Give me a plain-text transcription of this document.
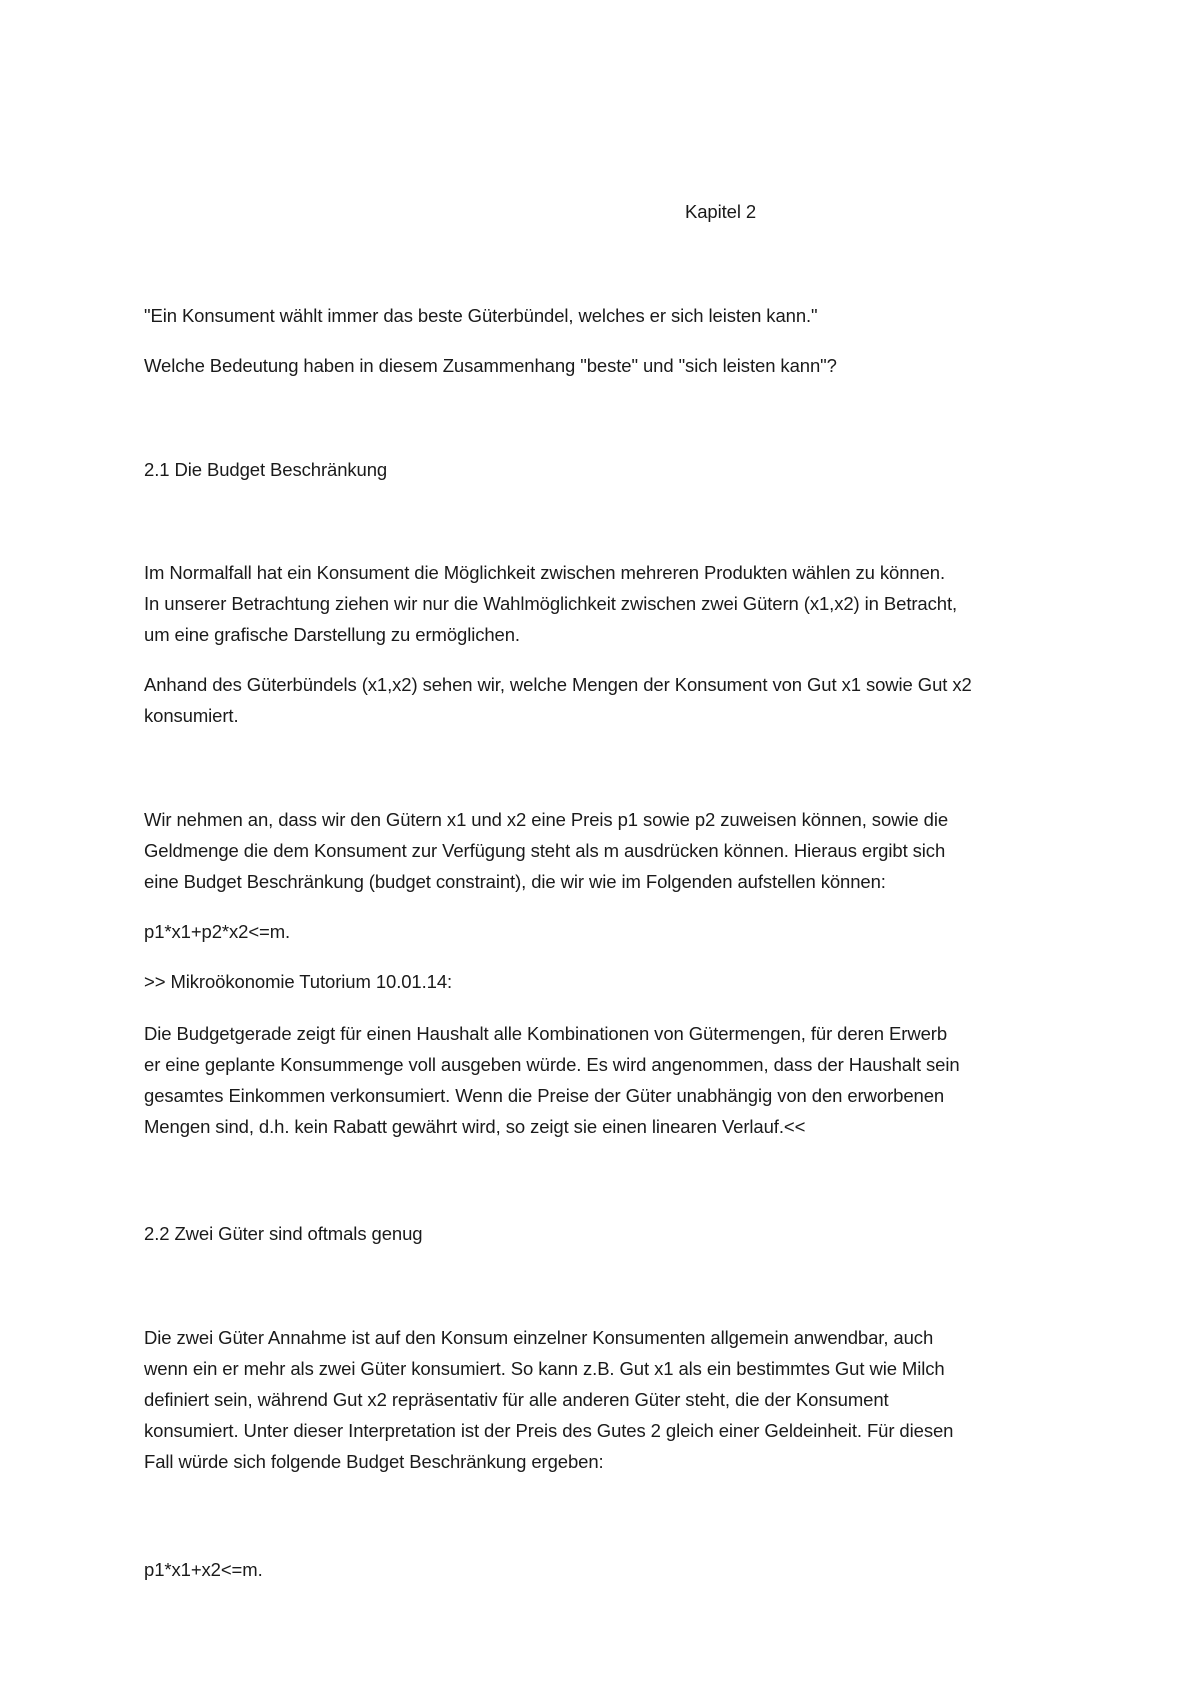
Kapitel 2
"Ein Konsument wählt immer das beste Güterbündel, welches er sich leisten kann."
Welche Bedeutung haben in diesem Zusammenhang "beste" und "sich leisten kann"?
2.1 Die Budget Beschränkung
Im Normalfall hat ein Konsument die Möglichkeit zwischen mehreren Produkten wählen zu können.
In unserer Betrachtung ziehen wir nur die Wahlmöglichkeit zwischen zwei Gütern (x1,x2) in Betracht,
um eine grafische Darstellung zu ermöglichen.
Anhand des Güterbündels (x1,x2) sehen wir, welche Mengen der Konsument von Gut x1 sowie Gut x2
konsumiert.
Wir nehmen an, dass wir den Gütern x1 und x2 eine Preis p1 sowie p2 zuweisen können, sowie die
Geldmenge die dem Konsument zur Verfügung steht als m ausdrücken können. Hieraus ergibt sich
eine Budget Beschränkung (budget constraint), die wir wie im Folgenden aufstellen können:
p1*x1+p2*x2<=m.
>> Mikroökonomie Tutorium 10.01.14:
Die Budgetgerade zeigt für einen Haushalt alle Kombinationen von Gütermengen, für deren Erwerb
er eine geplante Konsummenge voll ausgeben würde. Es wird angenommen, dass der Haushalt sein
gesamtes Einkommen verkonsumiert. Wenn die Preise der Güter unabhängig von den erworbenen
Mengen sind, d.h. kein Rabatt gewährt wird, so zeigt sie einen linearen Verlauf.<<
2.2 Zwei Güter sind oftmals genug
Die zwei Güter Annahme ist auf den Konsum einzelner Konsumenten allgemein anwendbar, auch
wenn ein er mehr als zwei Güter konsumiert. So kann z.B. Gut x1 als ein bestimmtes Gut wie Milch
definiert sein, während Gut x2 repräsentativ für alle anderen Güter steht, die der Konsument
konsumiert. Unter dieser Interpretation ist der Preis des Gutes 2 gleich einer Geldeinheit. Für diesen
Fall würde sich folgende Budget Beschränkung ergeben:
p1*x1+x2<=m.
